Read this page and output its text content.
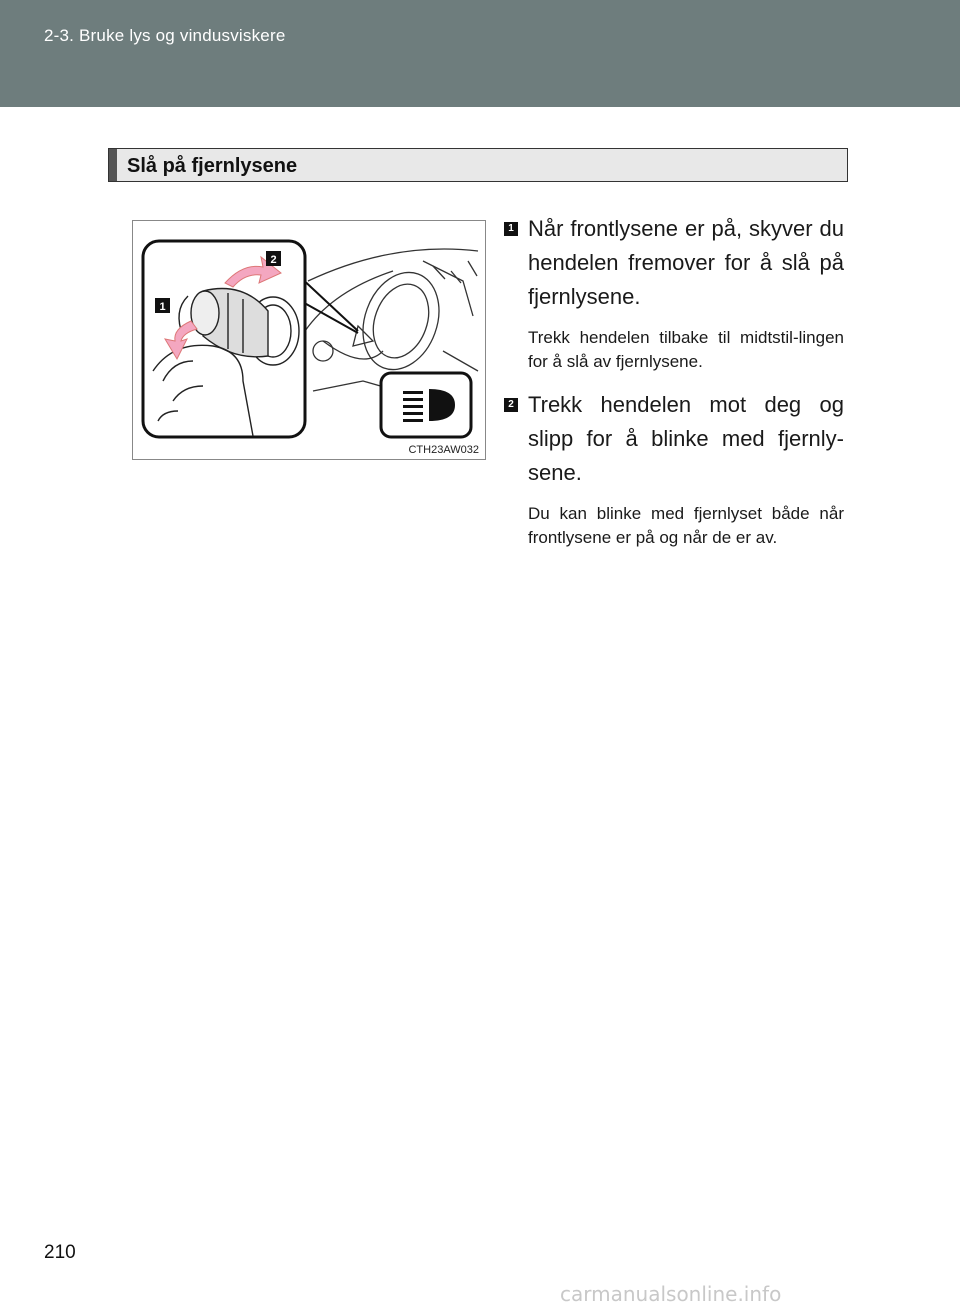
2-3. Bruke lys og vindusviskere
Slå på fjernlysene
1
2
CTH23AW032
1 Når frontlysene er på, skyver du hendelen fremover for å slå på fjernlysene.
Trekk hendelen tilbake til midtstil-lingen for å slå av fjernlysene.
2 Trekk hendelen mot deg og slipp for å blinke med fjernly-sene.
Du kan blinke med fjernlyset både når frontlysene er på og når de er av.
210
carmanualsonline.info
